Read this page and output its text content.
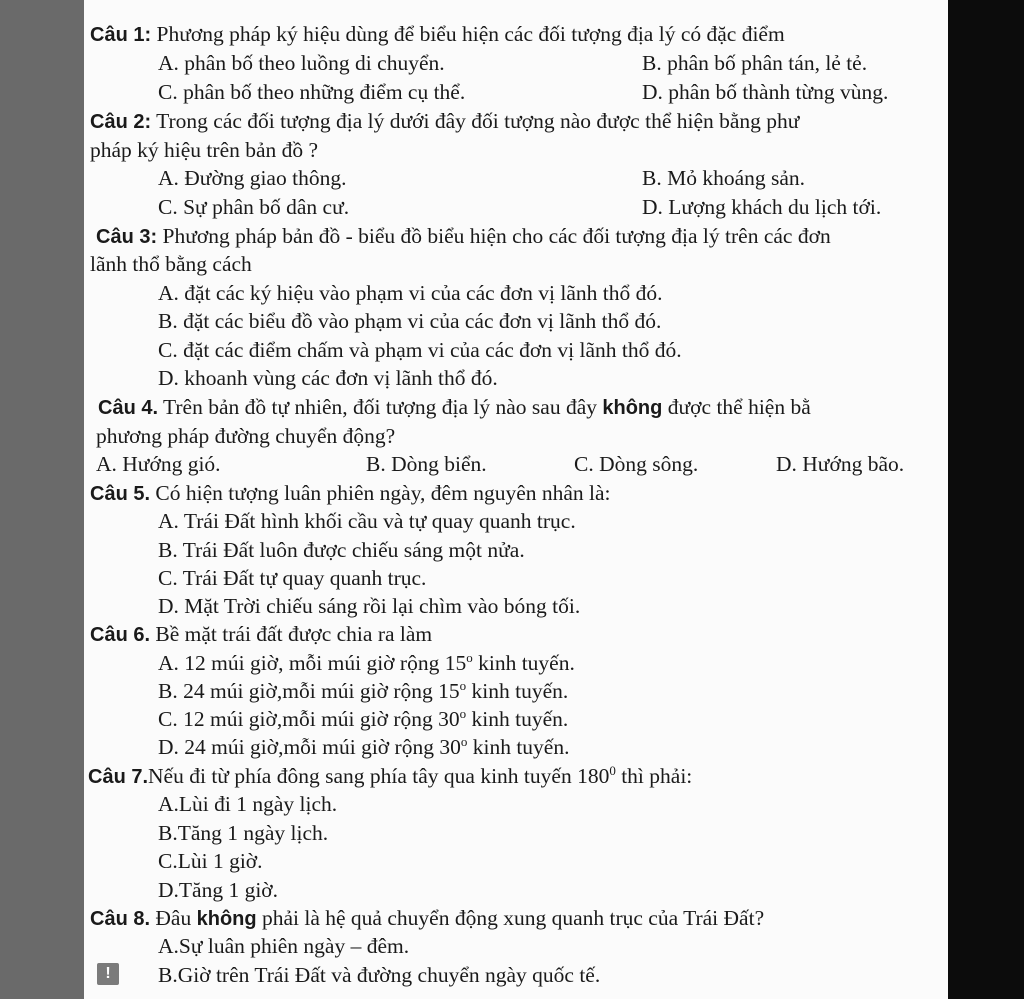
Câu 1: Phương pháp ký hiệu dùng để biểu hiện các đối tượng địa lý có đặc điểm
A. phân bố theo luồng di chuyển.	B. phân bố phân tán, lẻ tẻ.
C. phân bố theo những điểm cụ thể.	D. phân bố thành từng vùng.
Câu 2: Trong các đối tượng địa lý dưới đây đối tượng nào được thể hiện bằng phư
pháp ký hiệu trên bản đồ ?
A. Đường giao thông.	B. Mỏ khoáng sản.
C. Sự phân bố dân cư.	D. Lượng khách du lịch tới.
Câu 3: Phương pháp bản đồ - biểu đồ biểu hiện cho các đối tượng địa lý trên các đơn
lãnh thổ bằng cách
A. đặt các ký hiệu vào phạm vi của các đơn vị lãnh thổ đó.
B. đặt các biểu đồ vào phạm vi của các đơn vị lãnh thổ đó.
C. đặt các điểm chấm và phạm vi của các đơn vị lãnh thổ đó.
D. khoanh vùng các đơn vị lãnh thổ đó.
Câu 4. Trên bản đồ tự nhiên, đối tượng địa lý nào sau đây không được thể hiện bằ
phương pháp đường chuyển động?
A. Hướng gió.	B. Dòng biển.	C. Dòng sông.	D. Hướng bão.
Câu 5. Có hiện tượng luân phiên ngày, đêm nguyên nhân là:
A. Trái Đất hình khối cầu và tự quay quanh trục.
B. Trái Đất luôn được chiếu sáng một nửa.
C. Trái Đất tự quay quanh trục.
D. Mặt Trời chiếu sáng rồi lại chìm vào bóng tối.
Câu 6. Bề mặt trái đất được chia ra làm
A. 12 múi giờ, mỗi múi giờ rộng 15$^o$ kinh tuyến.
B. 24 múi giờ,mỗi múi giờ rộng 15$^o$ kinh tuyến.
C. 12 múi giờ,mỗi múi giờ rộng 30$^o$ kinh tuyến.
D. 24 múi giờ,mỗi múi giờ rộng 30$^o$ kinh tuyến.
Câu 7.Nếu đi từ phía đông sang phía tây qua kinh tuyến $180^0$ thì phải:
A.Lùi đi 1 ngày lịch.
B.Tăng 1 ngày lịch.
C.Lùi 1 giờ.
D.Tăng 1 giờ.
Câu 8. Đâu không phải là hệ quả chuyển động xung quanh trục của Trái Đất?
A.Sự luân phiên ngày – đêm.
B.Giờ trên Trái Đất và đường chuyển ngày quốc tế.
!
